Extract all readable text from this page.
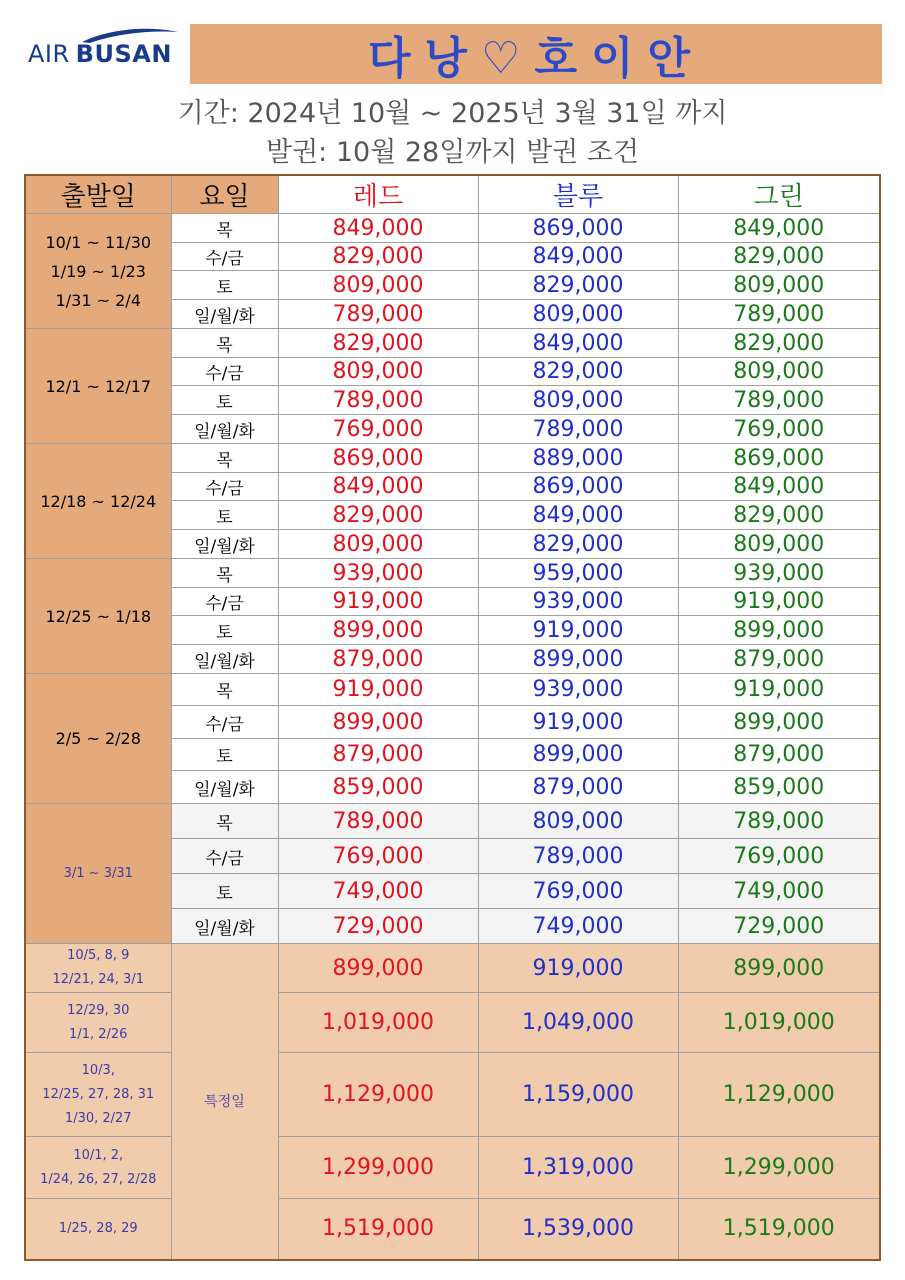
AIR BUSAN	다낭♡호이안
기간: 2024년 10월 ~ 2025년 3월 31일 까지
발권: 10월 28일까지 발권 조건
출발일	요일	레드	블루	그린

10/1 ~ 11/30
1/19 ~ 1/23
1/31 ~ 2/4	목	849,000	869,000	849,000
	수/금	829,000	849,000	829,000
	토	809,000	829,000	809,000
	일/월/화	789,000	809,000	789,000

12/1 ~ 12/17	목	829,000	849,000	829,000
	수/금	809,000	829,000	809,000
	토	789,000	809,000	789,000
	일/월/화	769,000	789,000	769,000

12/18 ~ 12/24	목	869,000	889,000	869,000
	수/금	849,000	869,000	849,000
	토	829,000	849,000	829,000
	일/월/화	809,000	829,000	809,000

12/25 ~ 1/18	목	939,000	959,000	939,000
	수/금	919,000	939,000	919,000
	토	899,000	919,000	899,000
	일/월/화	879,000	899,000	879,000

2/5 ~ 2/28	목	919,000	939,000	919,000
	수/금	899,000	919,000	899,000
	토	879,000	899,000	879,000
	일/월/화	859,000	879,000	859,000

3/1 ~ 3/31	목	789,000	809,000	789,000
	수/금	769,000	789,000	769,000
	토	749,000	769,000	749,000
	일/월/화	729,000	749,000	729,000

10/5, 8, 9
12/21, 24, 3/1	특정일	899,000	919,000	899,000

12/29, 30
1/1, 2/26		1,019,000	1,049,000	1,019,000

10/3,
12/25, 27, 28, 31
1/30, 2/27		1,129,000	1,159,000	1,129,000

10/1, 2,
1/24, 26, 27, 2/28		1,299,000	1,319,000	1,299,000

1/25, 28, 29		1,519,000	1,539,000	1,519,000
